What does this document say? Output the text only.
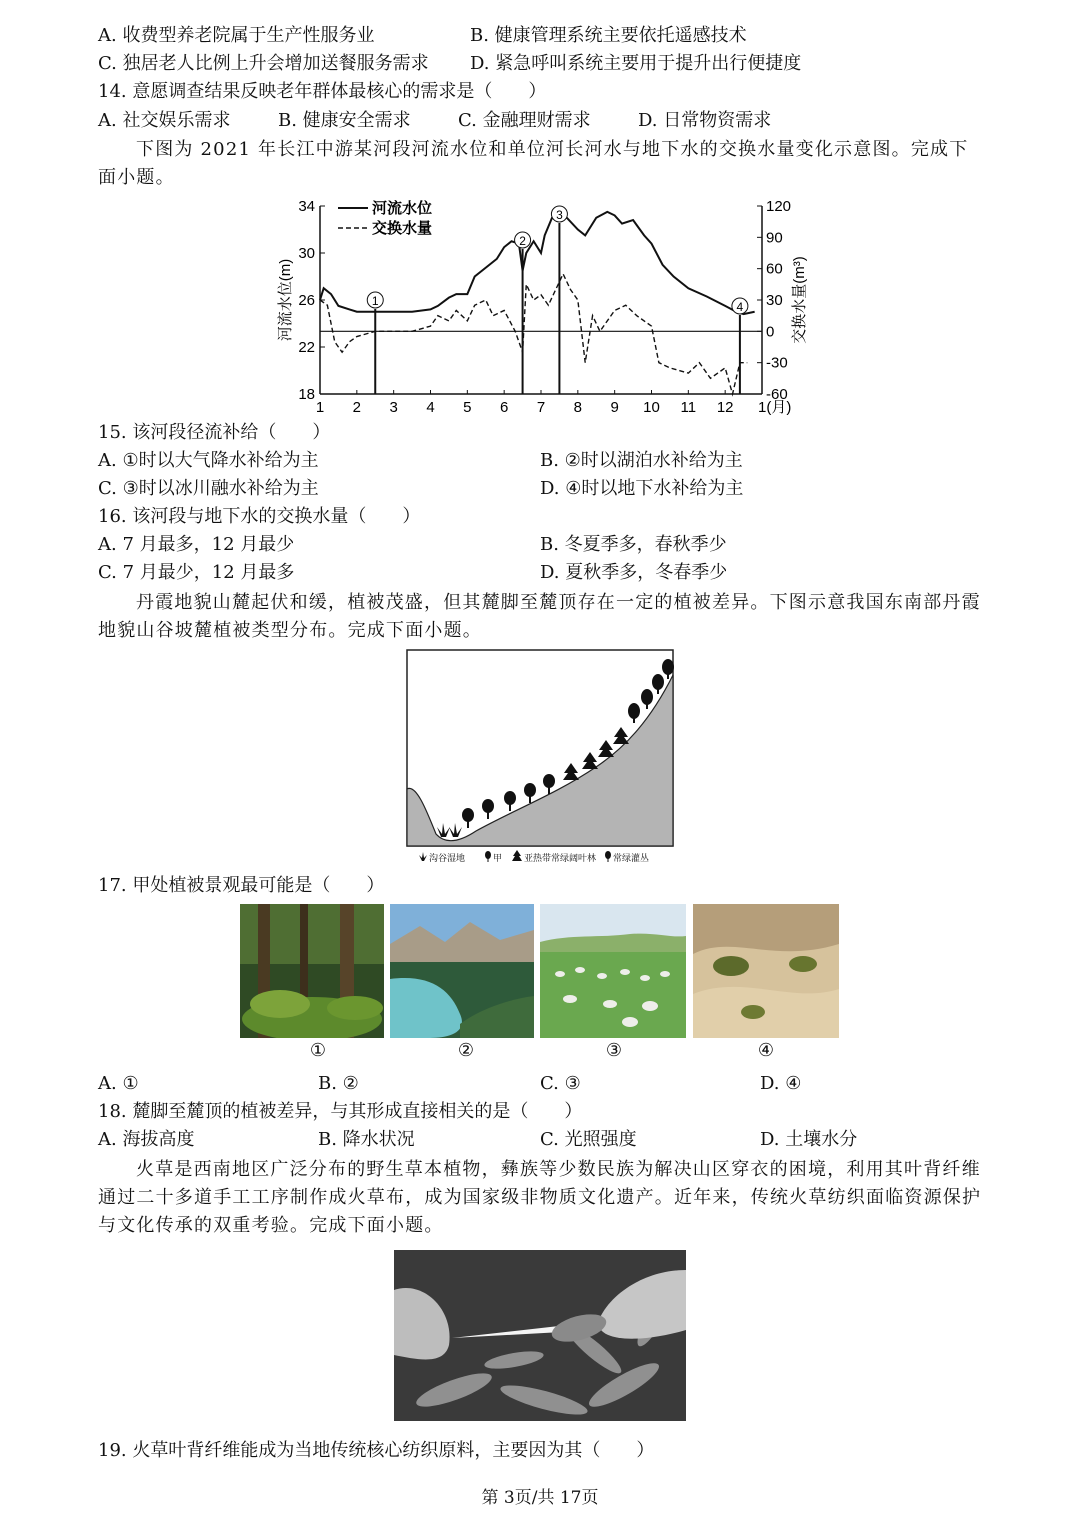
A. 收费型养老院属于生产性服务业	B. 健康管理系统主要依托遥感技术
C. 独居老人比例上升会增加送餐服务需求 D. 紧急呼叫系统主要用于提升出行便捷度
14. 意愿调查结果反映老年群体最核心的需求是（　　）
A. 社交娱乐需求	B. 健康安全需求	C. 金融理财需求	D. 日常物资需求
下图为 2021 年长江中游某河段河流水位和单位河长河水与地下水的交换水量变化示意图。完成下面小题。
34
30
26
22
18
120
90
60
30
0
-30
-60
1 2 3 4 5 6 7 8 9 10 11 12 1(月)
1
2
3
4
河流水位
交换水量
河流水位(m)	交换水量(m³)
15. 该河段径流补给（　　）
A. ①时以大气降水补给为主	B. ②时以湖泊水补给为主
C. ③时以冰川融水补给为主	D. ④时以地下水补给为主
16. 该河段与地下水的交换水量（　　）
A. 7 月最多，12 月最少	B. 冬夏季多，春秋季少
C. 7 月最少，12 月最多	D. 夏秋季多，冬春季少
丹霞地貌山麓起伏和缓，植被茂盛，但其麓脚至麓顶存在一定的植被差异。下图示意我国东南部丹霞地貌山谷坡麓植被类型分布。完成下面小题。
沟谷湿地	甲 亚热带常绿阔叶林 常绿灌丛
17. 甲处植被景观最可能是（　　）
①	②	③	④
A. ①	B. ②	C. ③	D. ④
18. 麓脚至麓顶的植被差异，与其形成直接相关的是（　　）
A. 海拔高度	B. 降水状况	C. 光照强度	D. 土壤水分
火草是西南地区广泛分布的野生草本植物，彝族等少数民族为解决山区穿衣的困境，利用其叶背纤维通过二十多道手工工序制作成火草布，成为国家级非物质文化遗产。近年来，传统火草纺织面临资源保护与文化传承的双重考验。完成下面小题。
19. 火草叶背纤维能成为当地传统核心纺织原料，主要因为其（　　）
第 3页/共 17页
